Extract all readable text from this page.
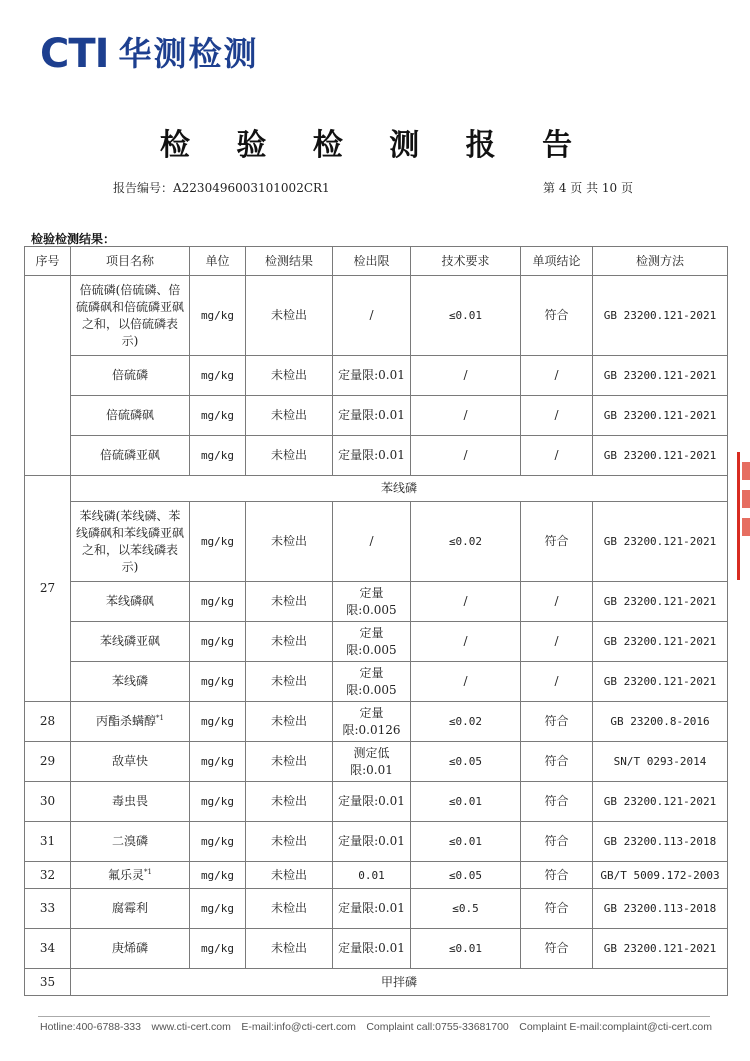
CTI 华测检测
检 验 检 测 报 告
报告编号：A2230496003101002CR1	第 4 页 共 10 页
检验检测结果：
序号	项目名称	单位	检测结果	检出限	技术要求	单项结论	检测方法
	倍硫磷(倍硫磷、倍硫磷砜和倍硫磷亚砜之和，以倍硫磷表示)	mg/kg	未检出	/	≤0.01	符合	GB 23200.121-2021
	倍硫磷	mg/kg	未检出	定量限:0.01	/	/	GB 23200.121-2021
	倍硫磷砜	mg/kg	未检出	定量限:0.01	/	/	GB 23200.121-2021
	倍硫磷亚砜	mg/kg	未检出	定量限:0.01	/	/	GB 23200.121-2021
27	苯线磷						
	苯线磷(苯线磷、苯线磷砜和苯线磷亚砜之和，以苯线磷表示)	mg/kg	未检出	/	≤0.02	符合	GB 23200.121-2021
	苯线磷砜	mg/kg	未检出	定量限:0.005	/	/	GB 23200.121-2021
	苯线磷亚砜	mg/kg	未检出	定量限:0.005	/	/	GB 23200.121-2021
	苯线磷	mg/kg	未检出	定量限:0.005	/	/	GB 23200.121-2021
28	丙酯杀螨醇$^{*1}$	mg/kg	未检出	定量限:0.0126	≤0.02	符合	GB 23200.8-2016
29	敌草快	mg/kg	未检出	测定低限:0.01	≤0.05	符合	SN/T 0293-2014
30	毒虫畏	mg/kg	未检出	定量限:0.01	≤0.01	符合	GB 23200.121-2021
31	二溴磷	mg/kg	未检出	定量限:0.01	≤0.01	符合	GB 23200.113-2018
32	氟乐灵$^{*1}$	mg/kg	未检出	0.01	≤0.05	符合	GB/T 5009.172-2003
33	腐霉利	mg/kg	未检出	定量限:0.01	≤0.5	符合	GB 23200.113-2018
34	庚烯磷	mg/kg	未检出	定量限:0.01	≤0.01	符合	GB 23200.121-2021
35	甲拌磷						
Hotline:400-6788-333 www.cti-cert.com E-mail:info@cti-cert.com Complaint call:0755-33681700 Complaint E-mail:complaint@cti-cert.com
